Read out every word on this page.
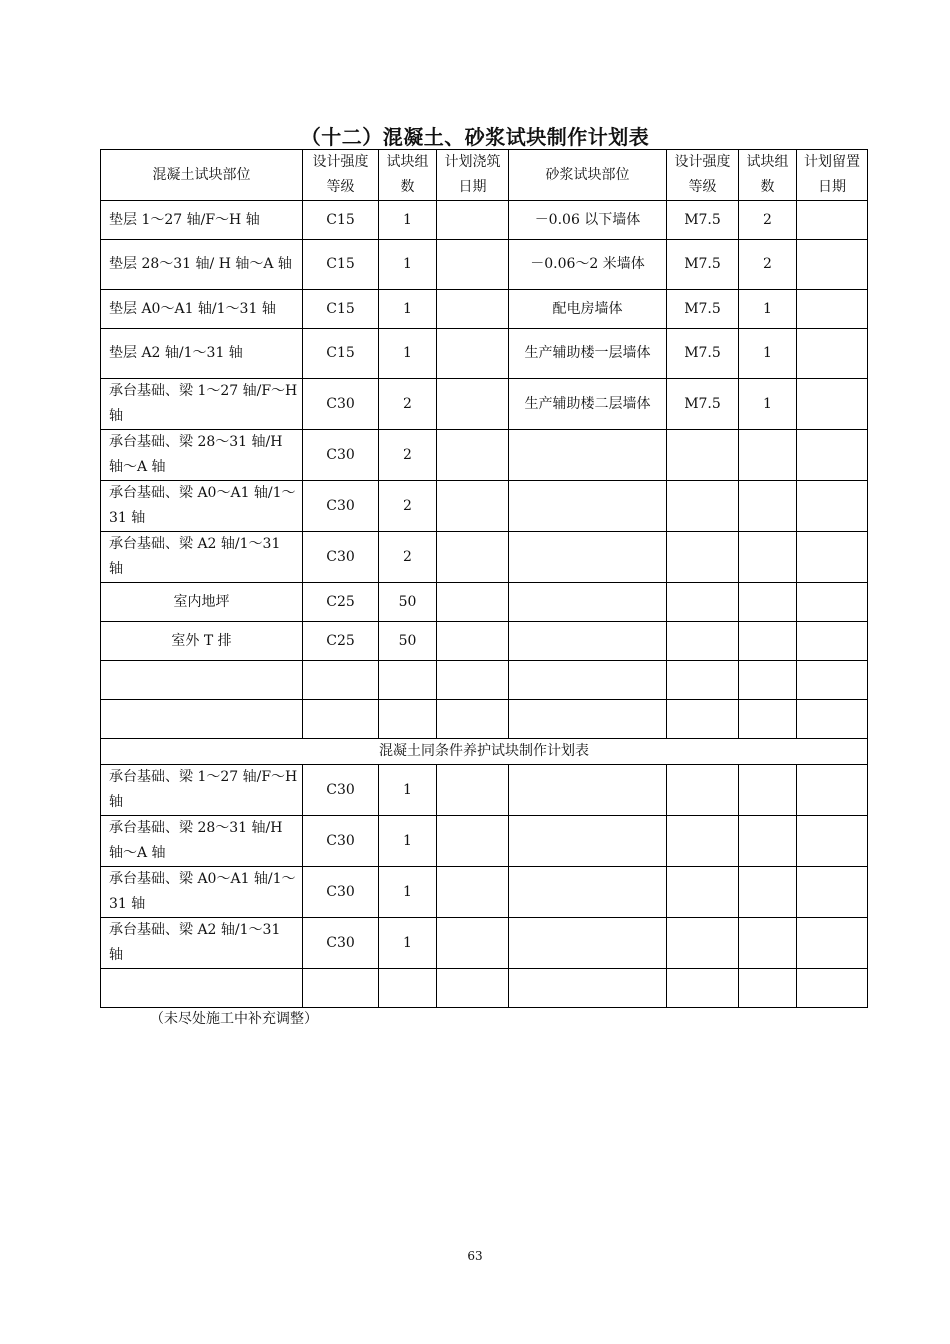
（十二）混凝土、砂浆试块制作计划表
混凝土试块部位	设计强度等级	试块组数	计划浇筑日期	砂浆试块部位	设计强度等级	试块组数	计划留置日期
垫层 1～27 轴/F～H 轴	C15	1		－0.06 以下墙体	M7.5	2	
垫层 28～31 轴/ H 轴～A 轴	C15	1		－0.06～2 米墙体	M7.5	2	
垫层 A0～A1 轴/1～31 轴	C15	1		配电房墙体	M7.5	1	
垫层 A2 轴/1～31 轴	C15	1		生产辅助楼一层墙体	M7.5	1	
承台基础、梁 1～27 轴/F～H 轴	C30	2		生产辅助楼二层墙体	M7.5	1	
承台基础、梁 28～31 轴/H 轴～A 轴	C30	2					
承台基础、梁 A0～A1 轴/1～31 轴	C30	2					
承台基础、梁 A2 轴/1～31 轴	C30	2					
室内地坪	C25	50					
室外 T 排	C25	50					

混凝土同条件养护试块制作计划表							
承台基础、梁 1～27 轴/F～H 轴	C30	1					
承台基础、梁 28～31 轴/H 轴～A 轴	C30	1					
承台基础、梁 A0～A1 轴/1～31 轴	C30	1					
承台基础、梁 A2 轴/1～31 轴	C30	1					

（未尽处施工中补充调整）
63
